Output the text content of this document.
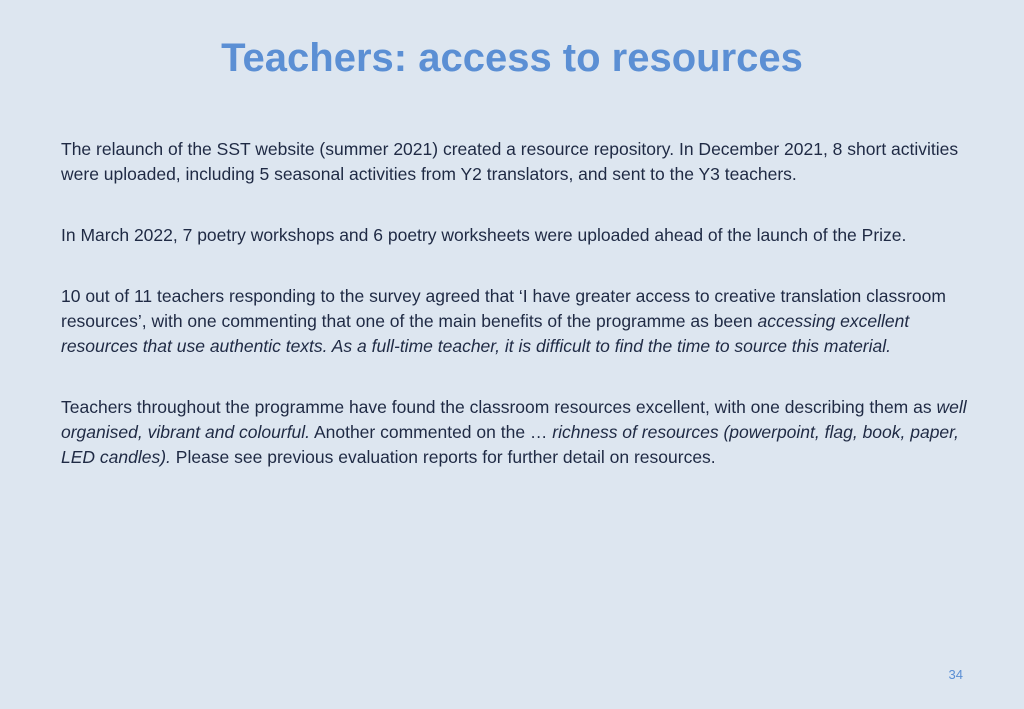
Teachers: access to resources

The relaunch of the SST website (summer 2021) created a resource repository. In December 2021, 8 short activities were uploaded, including 5 seasonal activities from Y2 translators, and sent to the Y3 teachers.

In March 2022, 7 poetry workshops and 6 poetry worksheets were uploaded ahead of the launch of the Prize.

10 out of 11 teachers responding to the survey agreed that ‘I have greater access to creative translation classroom resources’, with one commenting that one of the main benefits of the programme as been accessing excellent resources that use authentic texts. As a full-time teacher, it is difficult to find the time to source this material.

Teachers throughout the programme have found the classroom resources excellent, with one describing them as well organised, vibrant and colourful. Another commented on the … richness of resources (powerpoint, flag, book, paper, LED candles). Please see previous evaluation reports for further detail on resources.

34
